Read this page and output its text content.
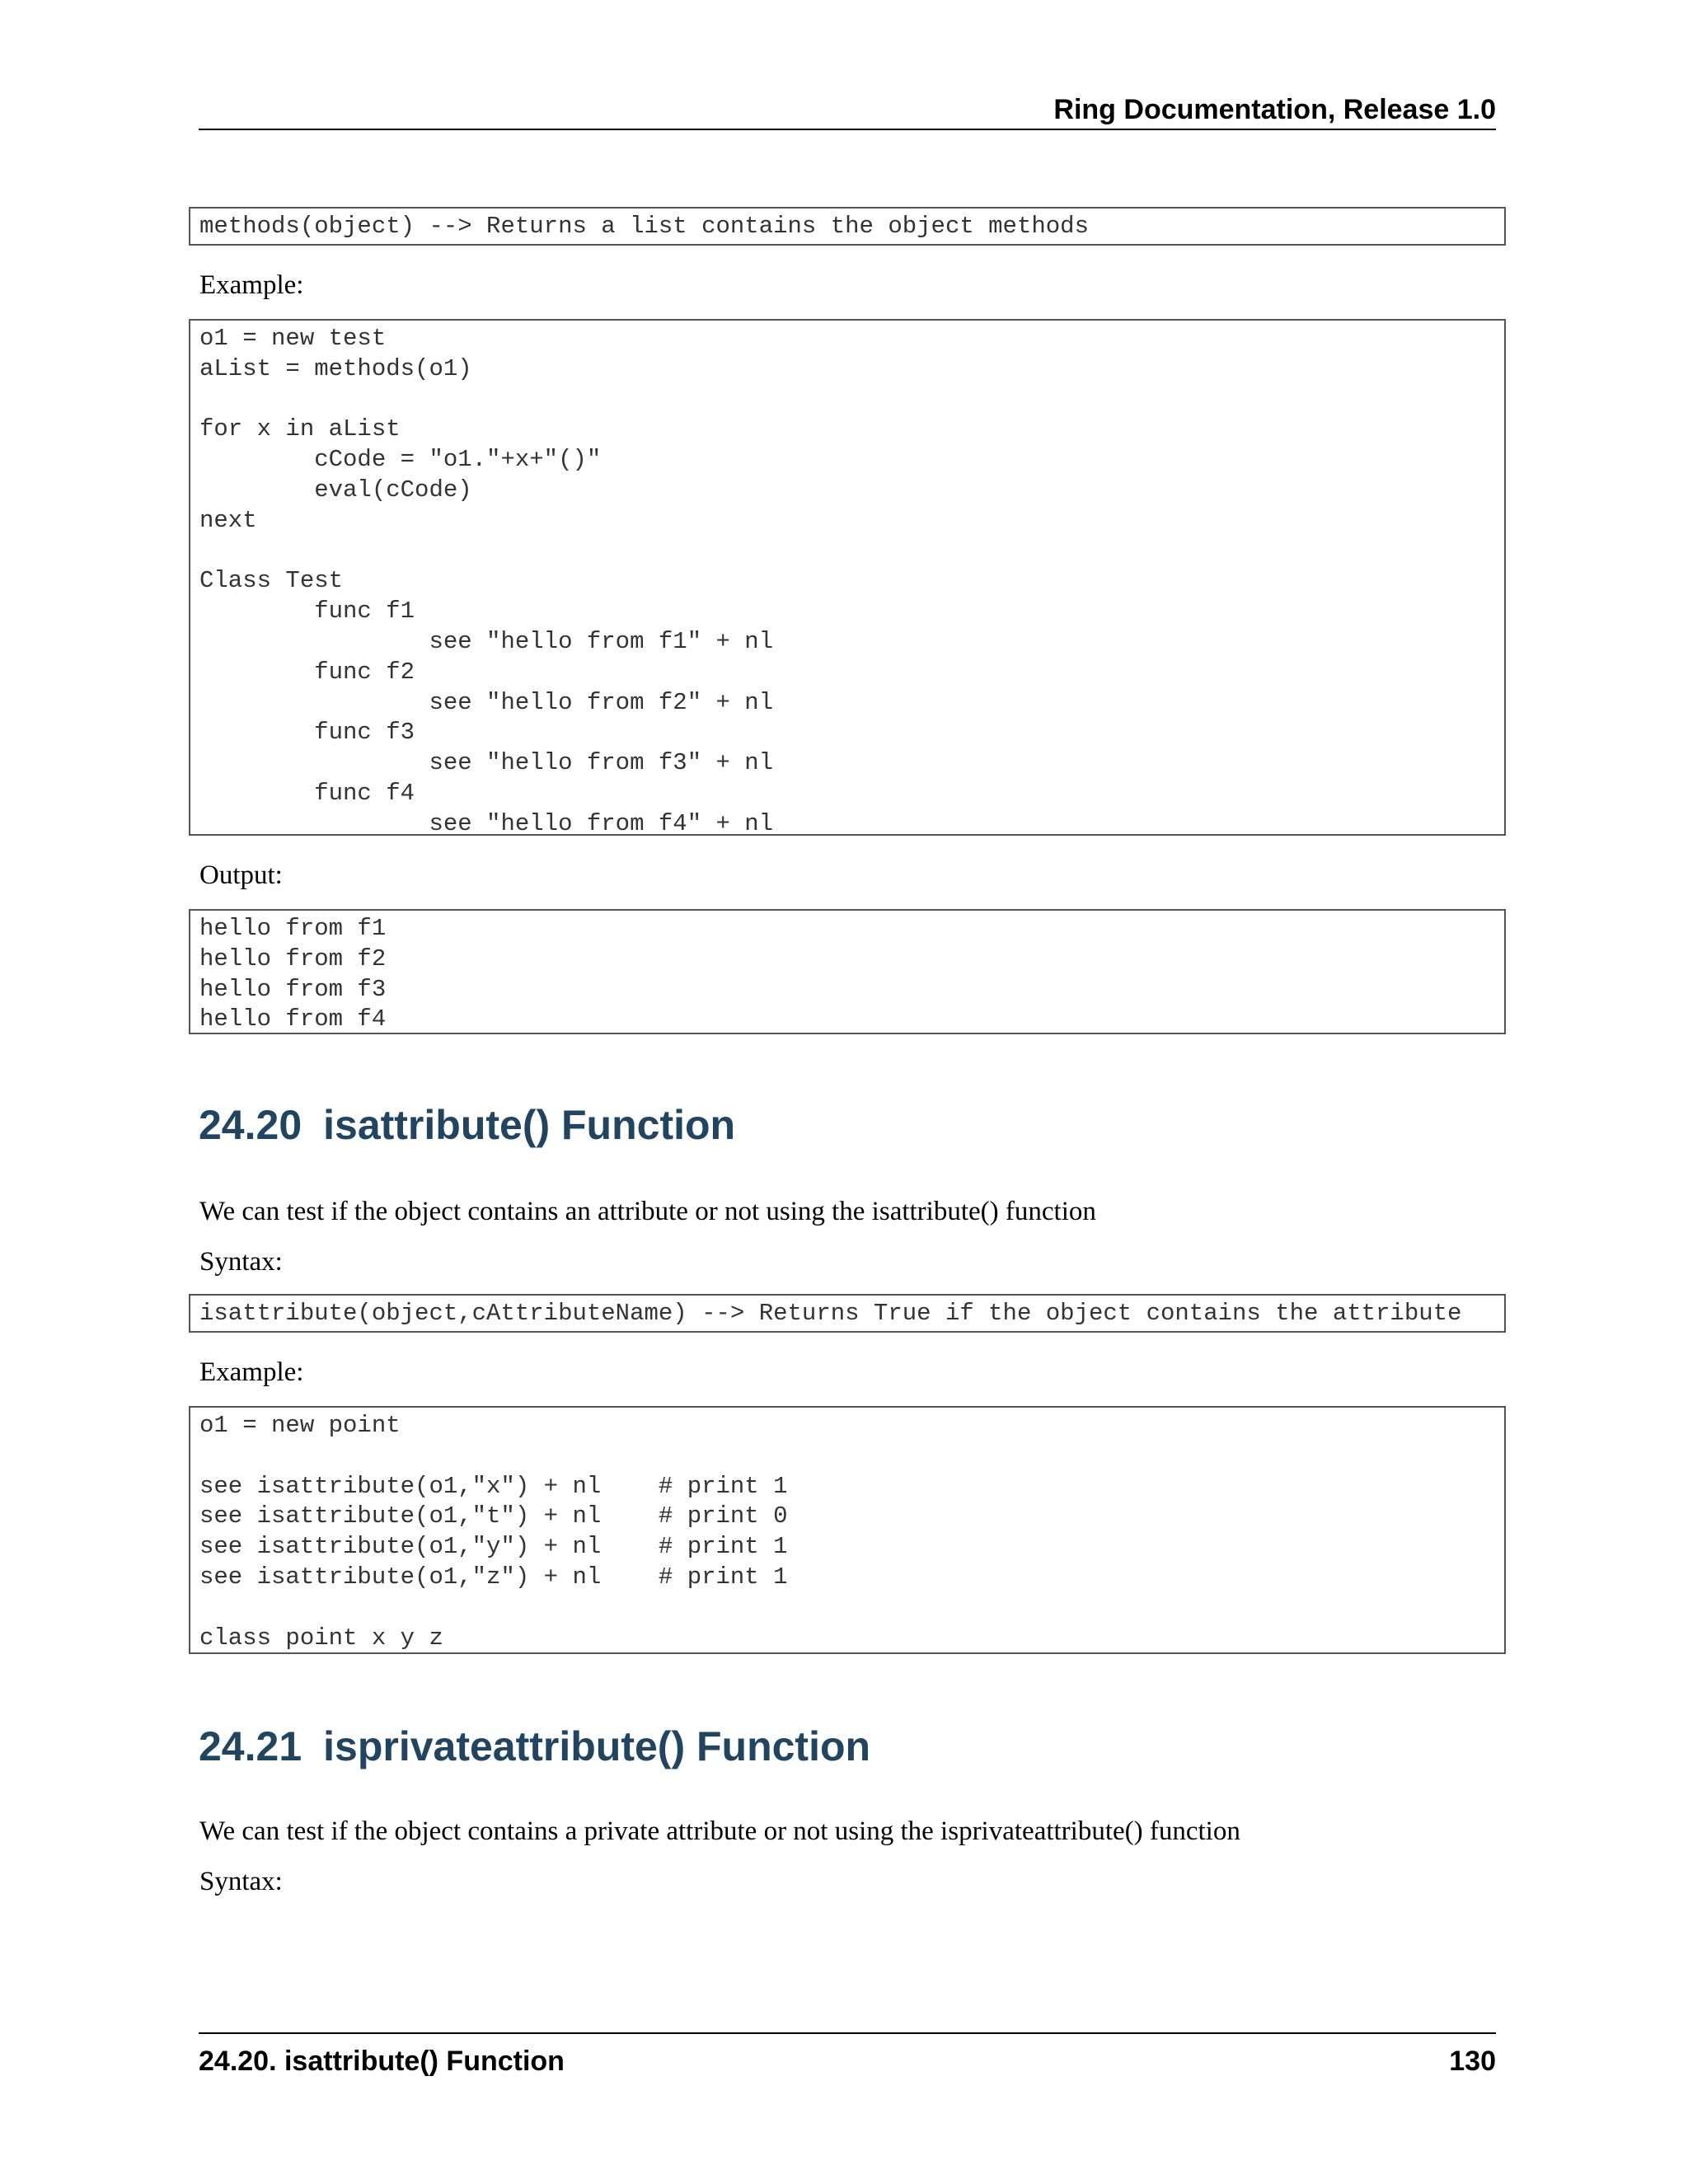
Ring Documentation, Release 1.0
methods(object) --> Returns a list contains the object methods
Example:
o1 = new test
aList = methods(o1)

for x in aList
cCode = "o1."+x+"()"
eval(cCode)
next

Class Test
func f1
see "hello from f1" + nl
func f2
see "hello from f2" + nl
func f3
see "hello from f3" + nl
func f4
see "hello from f4" + nl
Output:
hello from f1
hello from f2
hello from f3
hello from f4
24.20 isattribute() Function
We can test if the object contains an attribute or not using the isattribute() function
Syntax:
isattribute(object,cAttributeName) --> Returns True if the object contains the attribute
Example:
o1 = new point

see isattribute(o1,"x") + nl    # print 1
see isattribute(o1,"t") + nl    # print 0
see isattribute(o1,"y") + nl    # print 1
see isattribute(o1,"z") + nl    # print 1

class point x y z
24.21 isprivateattribute() Function
We can test if the object contains a private attribute or not using the isprivateattribute() function
Syntax:
24.20. isattribute() Function	130
